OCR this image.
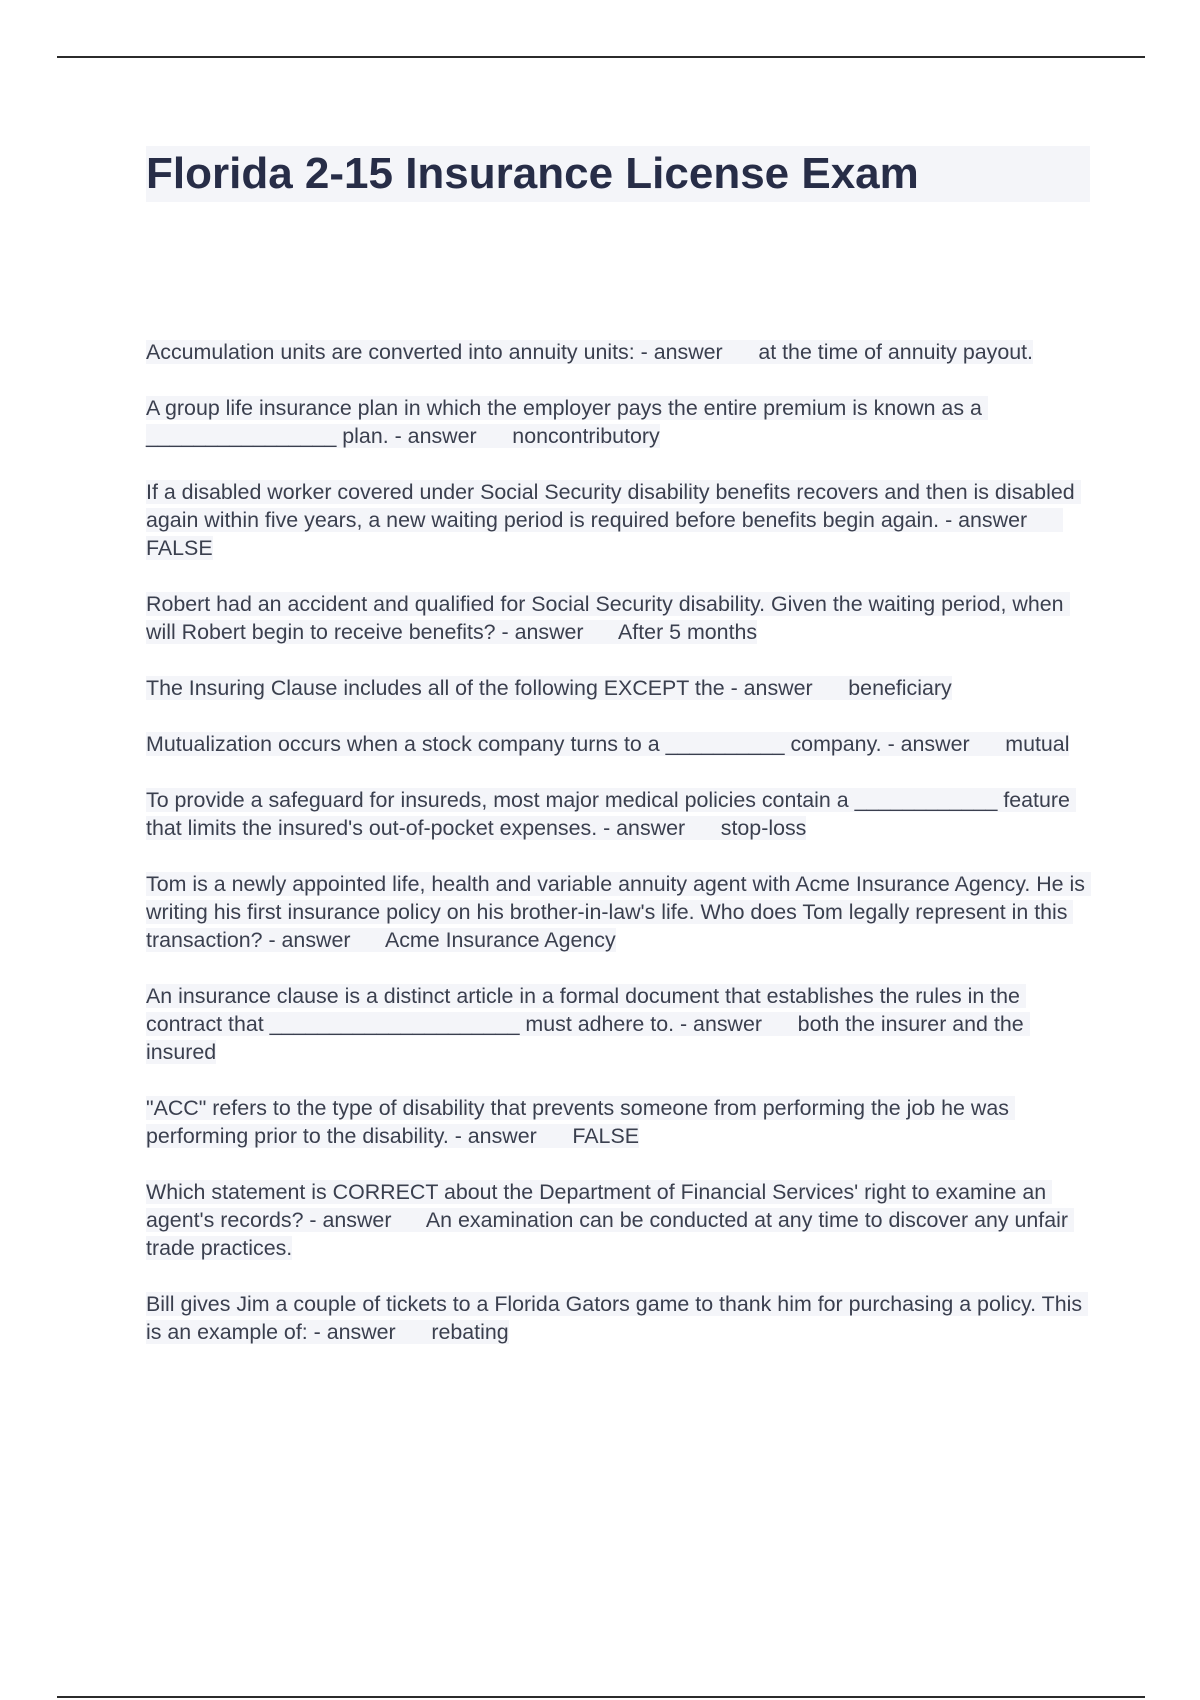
Florida 2-15 Insurance License Exam

Accumulation units are converted into annuity units: - answer      at the time of annuity payout.

A group life insurance plan in which the employer pays the entire premium is known as a ________________ plan. - answer      noncontributory

If a disabled worker covered under Social Security disability benefits recovers and then is disabled again within five years, a new waiting period is required before benefits begin again. - answer      FALSE

Robert had an accident and qualified for Social Security disability. Given the waiting period, when will Robert begin to receive benefits? - answer      After 5 months

The Insuring Clause includes all of the following EXCEPT the - answer      beneficiary

Mutualization occurs when a stock company turns to a __________ company. - answer      mutual

To provide a safeguard for insureds, most major medical policies contain a ____________ feature that limits the insured's out-of-pocket expenses. - answer      stop-loss

Tom is a newly appointed life, health and variable annuity agent with Acme Insurance Agency. He is writing his first insurance policy on his brother-in-law's life. Who does Tom legally represent in this transaction? - answer      Acme Insurance Agency

An insurance clause is a distinct article in a formal document that establishes the rules in the contract that _____________________ must adhere to. - answer      both the insurer and the insured

"ACC" refers to the type of disability that prevents someone from performing the job he was performing prior to the disability. - answer      FALSE

Which statement is CORRECT about the Department of Financial Services' right to examine an agent's records? - answer      An examination can be conducted at any time to discover any unfair trade practices.

Bill gives Jim a couple of tickets to a Florida Gators game to thank him for purchasing a policy. This is an example of: - answer      rebating
